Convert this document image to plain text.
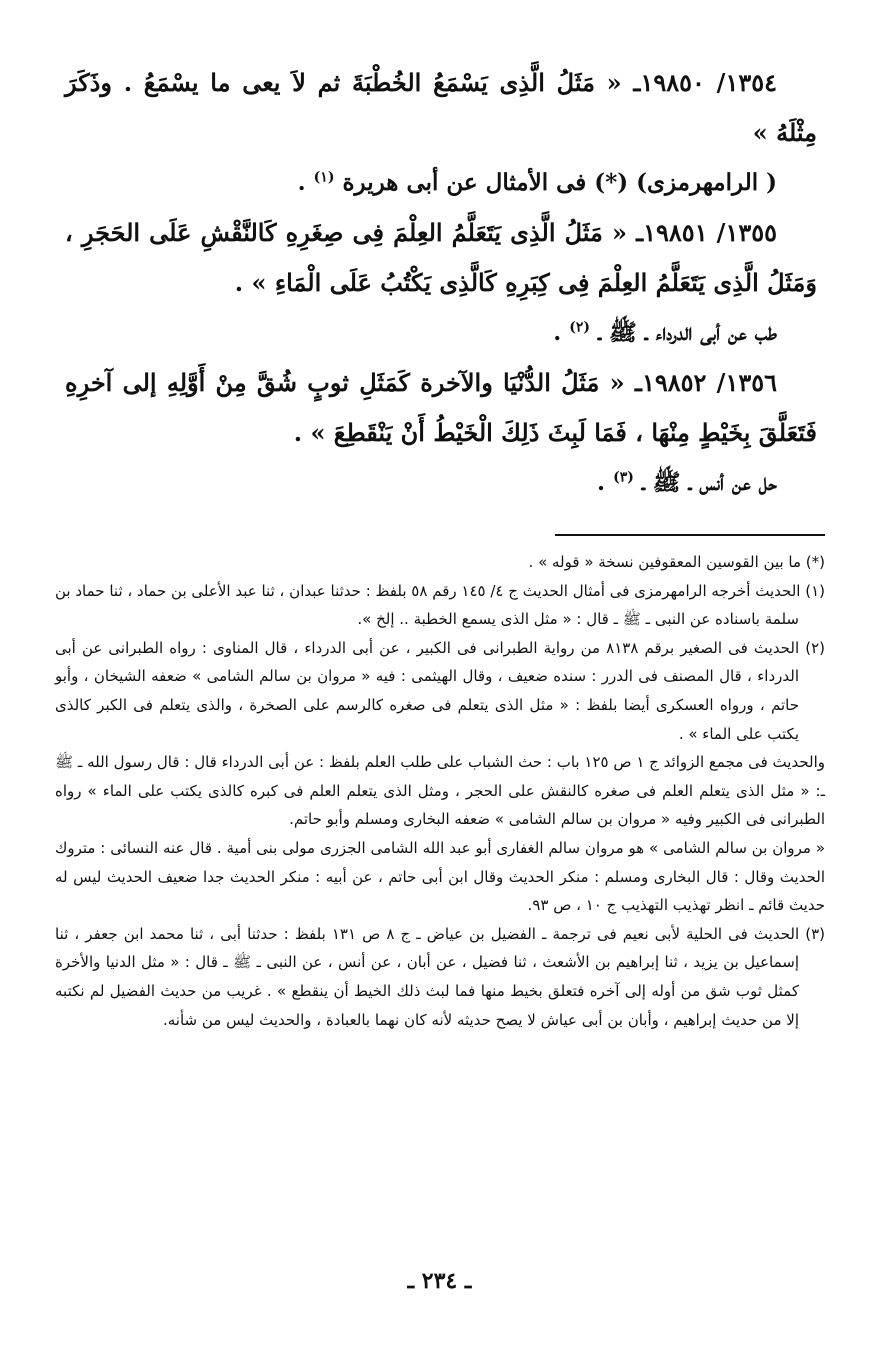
١٣٥٤/ ١٩٨٥٠ـ « مَثَلُ الَّذِى يَسْمَعُ الخُطْبَةَ ثم لاَ يعى ما يسْمَعُ . وذَكَرَ مِثْلَهُ »

( الرامهرمزى) (*) فى الأمثال عن أبى هريرة $^{(١)}$ .

١٣٥٥/ ١٩٨٥١ـ « مَثَلُ الَّذِى يَتَعَلَّمُ العِلْمَ فِى صِغَرِهِ كَالنَّقْشِ عَلَى الحَجَرِ ، وَمَثَلُ الَّذِى يَتَعَلَّمُ العِلْمَ فِى كِبَرِهِ كَالَّذِى يَكْتُبُ عَلَى الْمَاءِ » .

طب عن أبى الدرداء ـ ﷺ ـ $^{(٢)}$ .

١٣٥٦/ ١٩٨٥٢ـ « مَثَلُ الدُّنْيَا والآخرة كَمَثَلِ ثوبٍ شُقَّ مِنْ أَوَّلِهِ إلى آخرِهِ فَتَعَلَّقَ بِخَيْطٍ مِنْهَا ، فَمَا لَبِثَ ذَلِكَ الْخَيْطُ أَنْ يَنْقَطِعَ » .

حل عن أنس ـ ﷺ ـ $^{(٣)}$ .

(*) ما بين القوسين المعقوفين نسخة « قوله » .

(١) الحديث أخرجه الرامهرمزى فى أمثال الحديث ج ٤/ ١٤٥ رقم ٥٨ بلفظ : حدثنا عبدان ، ثنا عبد الأعلى بن حماد ، ثنا حماد بن سلمة باسناده عن النبى ـ ﷺ ـ قال : « مثل الذى يسمع الخطبة .. إلخ ».

(٢) الحديث فى الصغير برقم ٨١٣٨ من رواية الطبرانى فى الكبير ، عن أبى الدرداء ، قال المناوى : رواه الطبرانى عن أبى الدرداء ، قال المصنف فى الدرر : سنده ضعيف ، وقال الهيثمى : فيه « مروان بن سالم الشامى » ضعفه الشيخان ، وأبو حاتم ، ورواه العسكرى أيضا بلفظ : « مثل الذى يتعلم فى صغره كالرسم على الصخرة ، والذى يتعلم فى الكبر كالذى يكتب على الماء » .

والحديث فى مجمع الزوائد ج ١ ص ١٢٥ باب : حث الشباب على طلب العلم بلفظ : عن أبى الدرداء قال : قال رسول الله ـ ﷺ ـ: « مثل الذى يتعلم العلم فى صغره كالنقش على الحجر ، ومثل الذى يتعلم العلم فى كبره كالذى يكتب على الماء » رواه الطبرانى فى الكبير وفيه « مروان بن سالم الشامى » ضعفه البخارى ومسلم وأبو حاتم.

« مروان بن سالم الشامى » هو مروان سالم الغفارى أبو عبد الله الشامى الجزرى مولى بنى أمية . قال عنه النسائى : متروك الحديث وقال : قال البخارى ومسلم : منكر الحديث وقال ابن أبى حاتم ، عن أبيه : منكر الحديث جدا ضعيف الحديث ليس له حديث قائم ـ انظر تهذيب التهذيب ج ١٠ ، ص ٩٣.

(٣) الحديث فى الحلية لأبى نعيم فى ترجمة ـ الفضيل بن عياض ـ ج ٨ ص ١٣١ بلفظ : حدثنا أبى ، ثنا محمد ابن جعفر ، ثنا إسماعيل بن يزيد ، ثنا إبراهيم بن الأشعث ، ثنا فضيل ، عن أبان ، عن أنس ، عن النبى ـ ﷺ ـ قال : « مثل الدنيا والأخرة كمثل ثوب شق من أوله إلى آخره فتعلق بخيط منها فما لبث ذلك الخيط أن ينقطع » . غريب من حديث الفضيل لم نكتبه إلا من حديث إبراهيم ، وأبان بن أبى عياش لا يصح حديثه لأنه كان نهما بالعبادة ، والحديث ليس من شأنه.

ـ ٢٣٤ ـ
